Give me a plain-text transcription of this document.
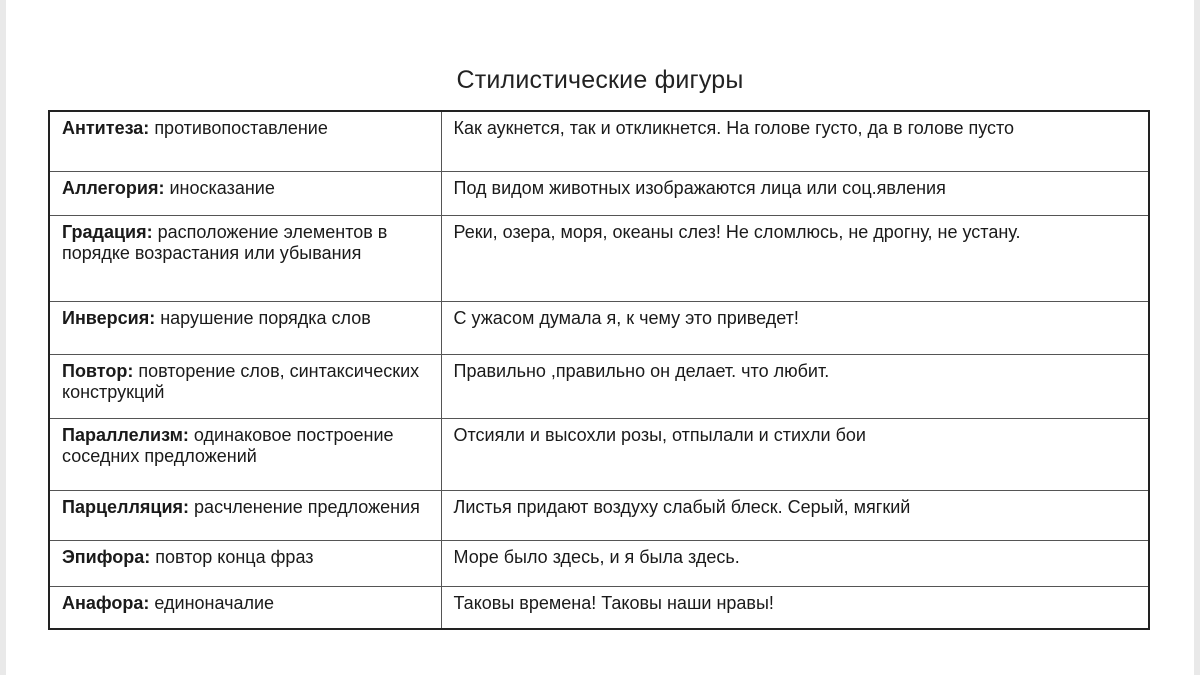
Стилистические фигуры
Антитеза: противопоставление	Как аукнется, так и откликнется. На голове густо, да в голове пусто
Аллегория: иносказание	Под видом животных изображаются лица или соц.явления
Градация: расположение элементов в порядке возрастания или убывания	Реки, озера, моря, океаны слез! Не сломлюсь, не дрогну, не устану.
Инверсия: нарушение порядка слов	С ужасом думала я, к чему это приведет!
Повтор: повторение слов, синтаксических конструкций	Правильно ,правильно он делает. что любит.
Параллелизм: одинаковое построение соседних предложений	Отсияли и высохли розы, отпылали и стихли бои
Парцелляция: расчленение предложения	Листья придают воздуху слабый блеск. Серый, мягкий
Эпифора: повтор конца фраз	Море было здесь, и я была здесь.
Анафора: единоначалие	Таковы времена! Таковы наши нравы!
